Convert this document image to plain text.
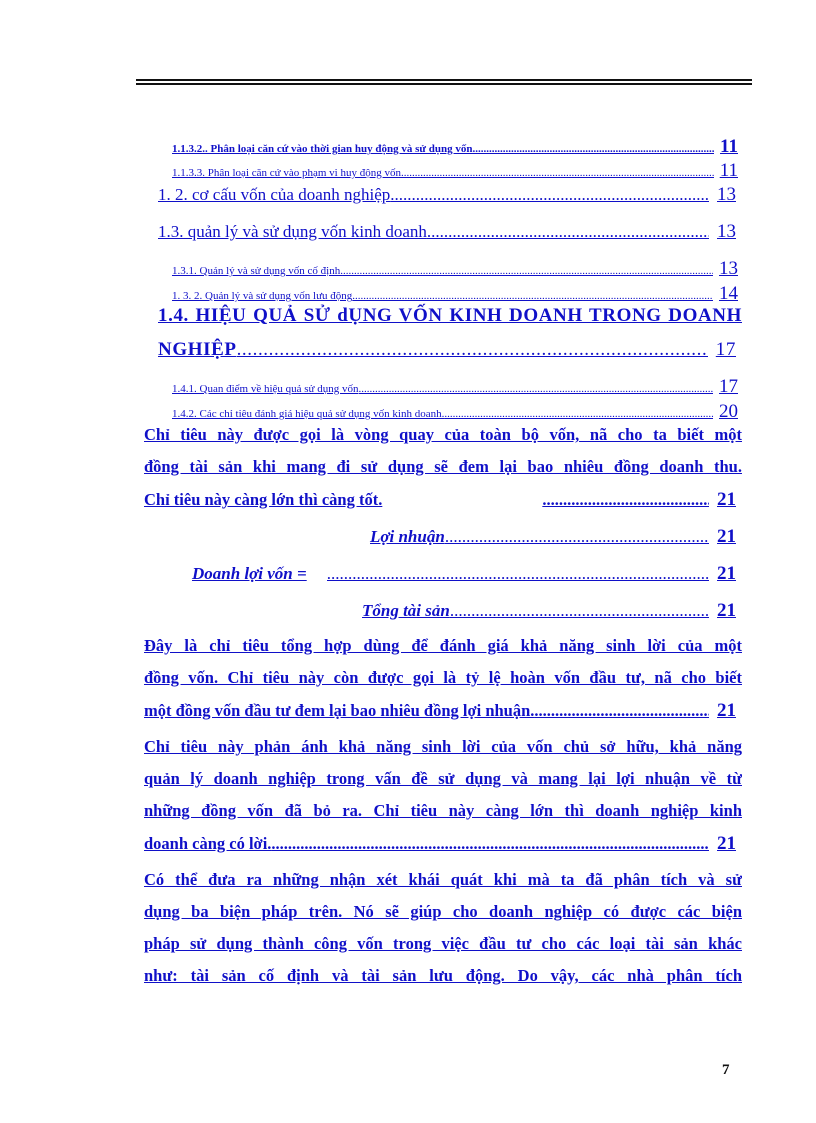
1.1.3.2.. Phân loại căn cứ vào thời gian huy động và sử dụng vốn .....	11
1.1.3.3. Phân loại căn cứ vào phạm vi huy động vốn .....	11
1. 2. cơ cấu vốn của doanh nghiệp .....	13
1.3. quản lý và sử dụng vốn kinh doanh .....	13
1.3.1. Quản lý và sử dụng vốn cố định. .....	13
1. 3. 2. Quản lý và sử dụng vốn lưu động .....	14
1.4. HIỆU QUẢ SỬ dỤNG VỐN KINH DOANH TRONG DOANH
NGHIỆP .....	17
1.4.1. Quan điểm về hiệu quả sử dụng vốn .....	17
1.4.2. Các chỉ tiêu đánh giá hiệu quả sử dụng vốn kinh doanh. .....	20
Chỉ tiêu này được gọi là vòng quay của toàn bộ vốn, nã cho ta biết một
đồng tài sản khi mang đi sử dụng sẽ đem lại bao nhiêu đồng doanh thu.
Chỉ tiêu này càng lớn thì càng tốt. .....	21
Lợi nhuận .....	21
Doanh lợi vốn = .....	21
Tổng tài sản .....	21
Đây là chỉ tiêu tổng hợp dùng để đánh giá khả năng sinh lời của một
đồng vốn. Chỉ tiêu này còn được gọi là tỷ lệ hoàn vốn đầu tư, nã cho biết
một đồng vốn đầu tư đem lại bao nhiêu đồng lợi nhuận. .....	21
Chỉ tiêu này phản ánh khả năng sinh lời của vốn chủ sở hữu, khả năng
quản lý doanh nghiệp trong vấn đề sử dụng và mang lại lợi nhuận về từ
những đồng vốn đã bỏ ra. Chỉ tiêu này càng lớn thì doanh nghiệp kinh
doanh càng có lời. .....	21
Có thể đưa ra những nhận xét khái quát khi mà ta đã phân tích và sử
dụng ba biện pháp trên. Nó sẽ giúp cho doanh nghiệp có được các biện
pháp sử dụng thành công vốn trong việc đầu tư cho các loại tài sản khác
như: tài sản cố định và tài sản lưu động. Do vậy, các nhà phân tích
7
